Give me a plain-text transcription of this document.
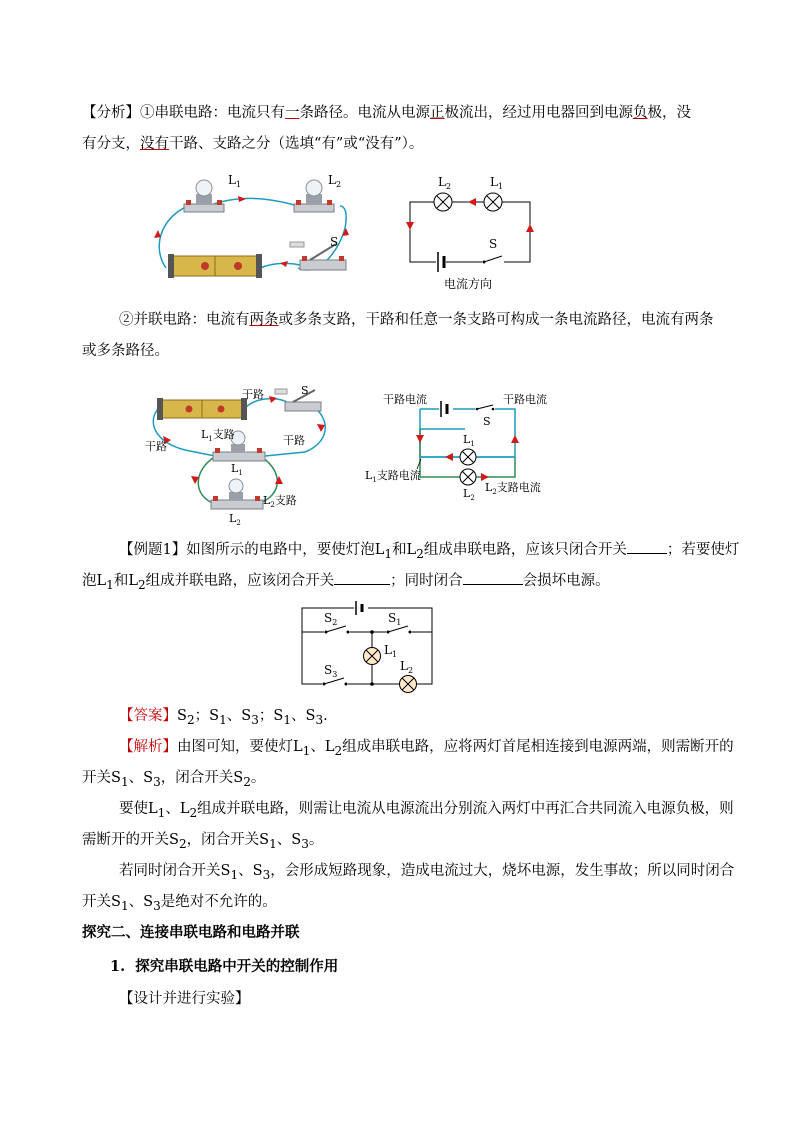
【分析】①串联电路：电流只有一条路径。电流从电源正极流出，经过用电器回到电源负极，没
有分支，没有干路、支路之分（选填“有”或“没有”）。
$L_1$	$L_2$
S
$L_2$	$L_1$
S
电流方向
②并联电路：电流有两条或多条支路，干路和任意一条支路可构成一条电流路径，电流有两条
或多条路径。
干路	S
干路	干路
$L_1$支路
$L_1$
$L_2$支路
$L_2$
干路电流	干路电流
S
$L_1$
$L_2$
$L_1$支路电流
$L_2$支路电流
【例题1】如图所示的电路中，要使灯泡$L_1$和$L_2$组成串联电路，应该只闭合开关	；若要使灯
泡$L_1$和$L_2$组成并联电路，应该闭合开关	；同时闭合	会损坏电源。
$S_2$	$S_1$
$L_1$
$S_3$
$L_2$
【答案】$S_2$；$S_1$、$S_3$；$S_1$、$S_3$.
【解析】由图可知，要使灯$L_1$、$L_2$组成串联电路，应将两灯首尾相连接到电源两端，则需断开的
开关$S_1$、$S_3$，闭合开关$S_2$。
要使$L_1$、$L_2$组成并联电路，则需让电流从电源流出分别流入两灯中再汇合共同流入电源负极，则
需断开的开关$S_2$，闭合开关$S_1$、$S_3$。
若同时闭合开关$S_1$、$S_3$，会形成短路现象，造成电流过大，烧坏电源，发生事故；所以同时闭合
开关$S_1$、$S_3$是绝对不允许的。
探究二、连接串联电路和电路并联
1. 探究串联电路中开关的控制作用
【设计并进行实验】
